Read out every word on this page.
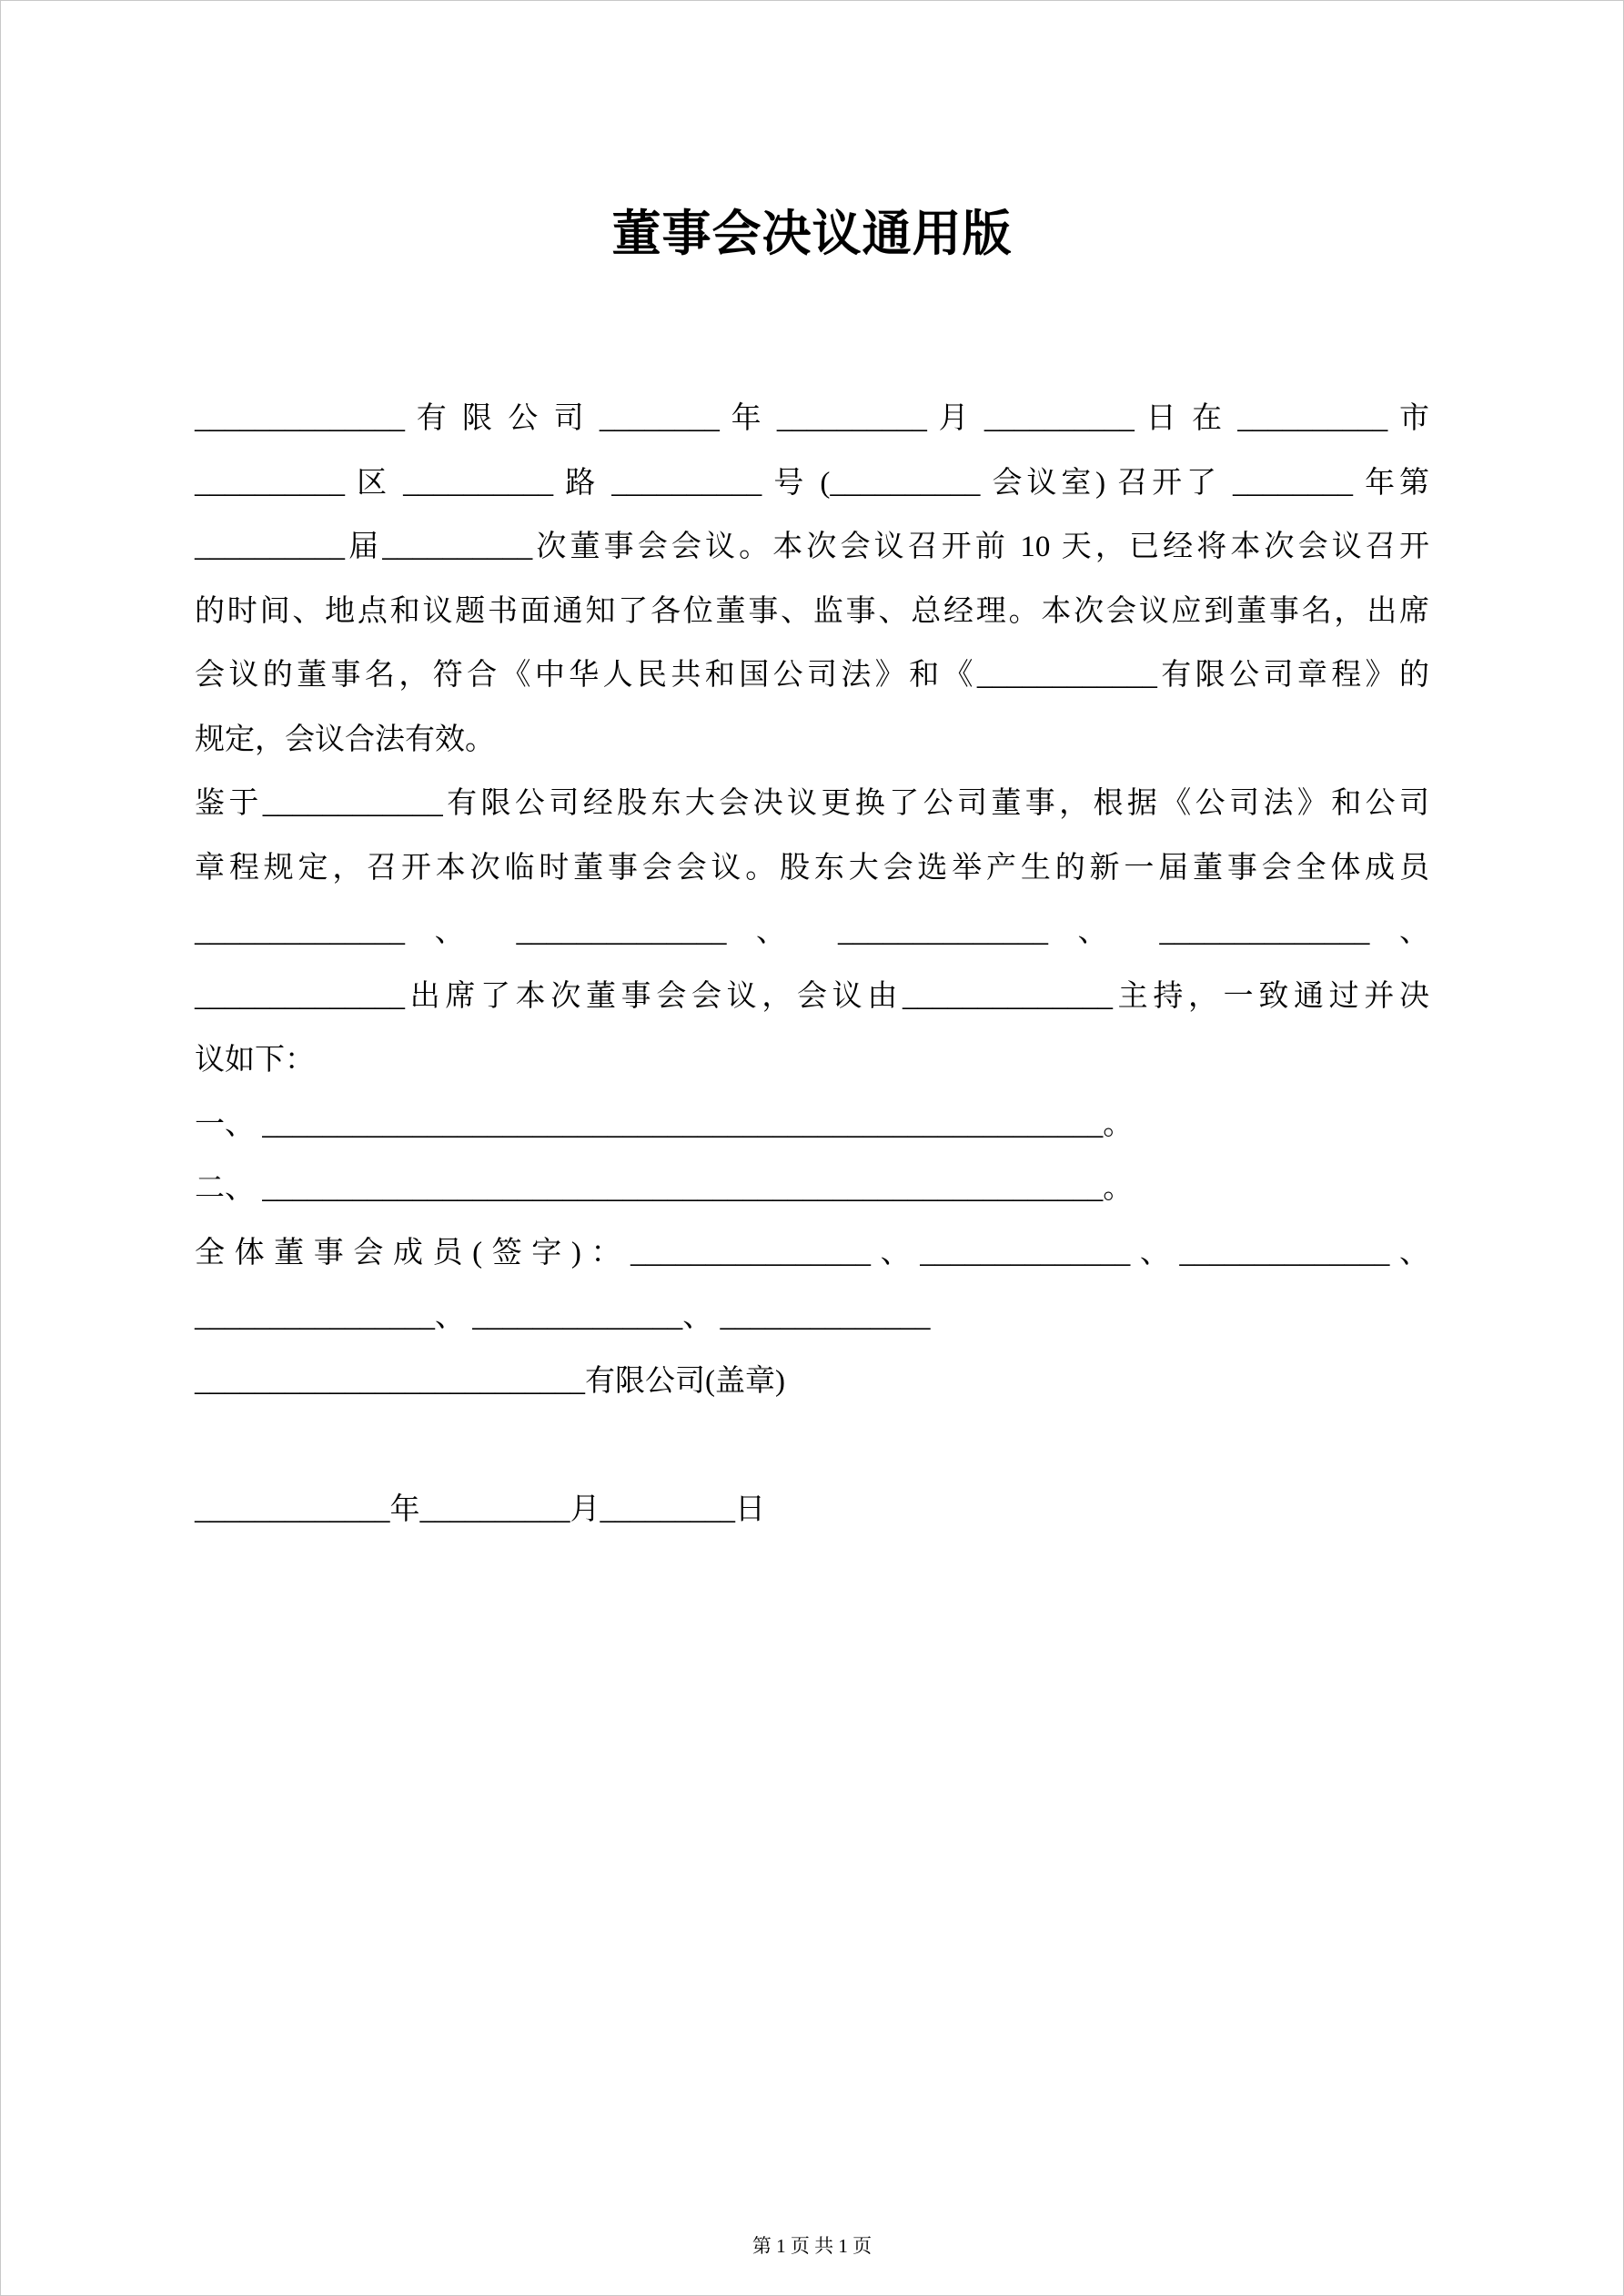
董事会决议通用版
______________ 有 限 公 司 ________ 年 __________ 月 __________ 日 在 __________ 市
__________ 区 __________ 路 __________ 号 (__________ 会议室) 召开了 ________ 年第
__________届__________次董事会会议。本次会议召开前 10 天，已经将本次会议召开
的时间、地点和议题书面通知了各位董事、监事、总经理。本次会议应到董事名，出席
会议的董事名，符合《中华人民共和国公司法》和《____________有限公司章程》的
规定，会议合法有效。
鉴于____________有限公司经股东大会决议更换了公司董事，根据《公司法》和公司
章程规定，召开本次临时董事会会议。股东大会选举产生的新一届董事会全体成员
______________ 、 ______________ 、 ______________ 、 ______________ 、
______________出席了本次董事会会议，会议由______________主持，一致通过并决
议如下：
一、 ________________________________________________________。
二、 ________________________________________________________。
全体董事会成员(签字)：________________、______________、______________、
________________、 ______________、 ______________
__________________________有限公司(盖章)
_____________年__________月_________日
第 1 页 共 1 页
